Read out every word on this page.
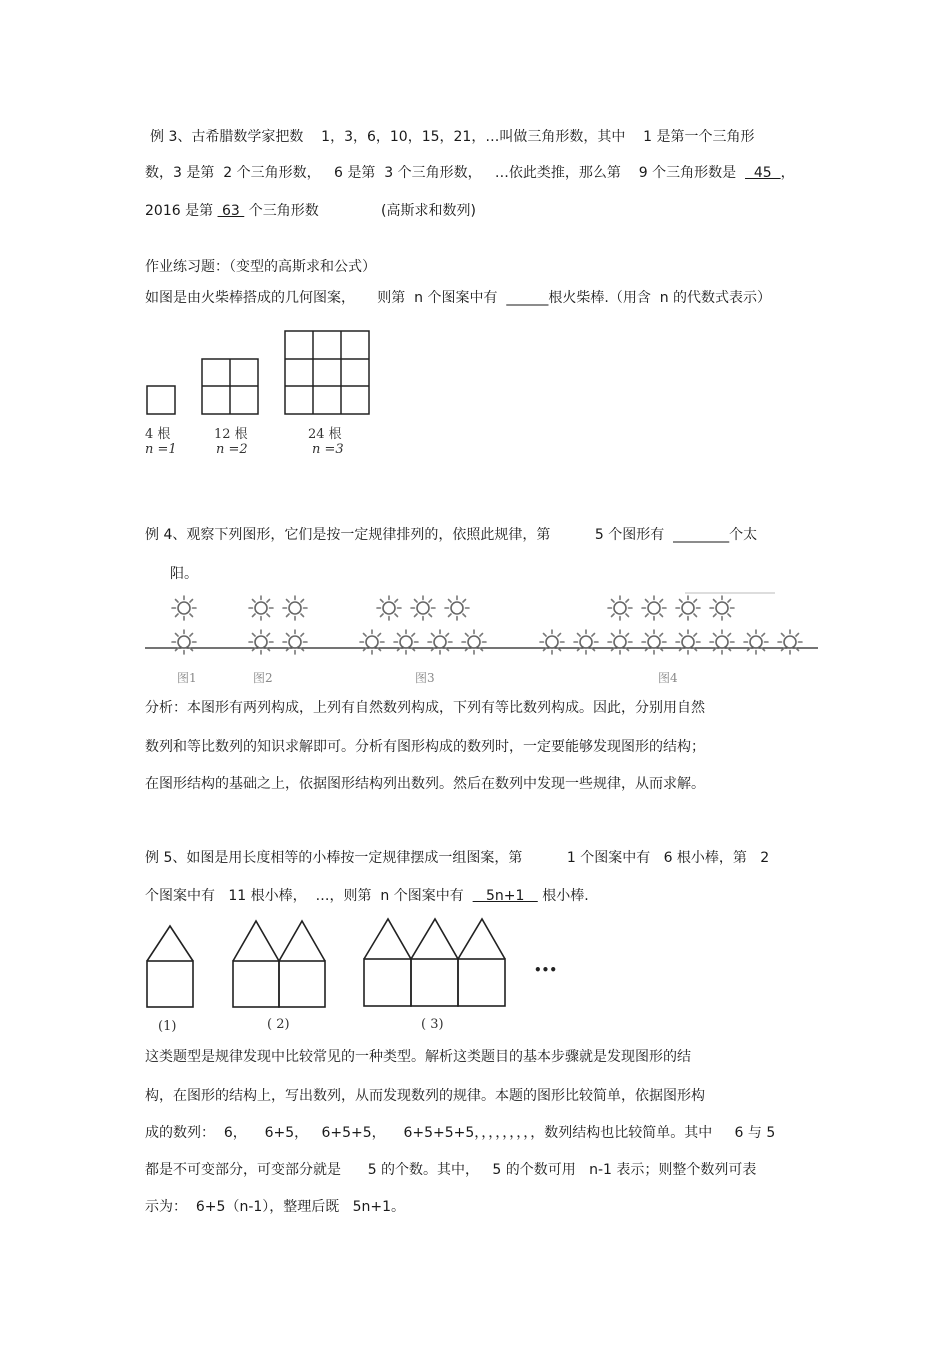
例 3、古希腊数学家把数    1，3，6，10，15，21，…叫做三角形数，其中    1 是第一个三角形
数，3 是第  2 个三角形数，   6 是第  3 个三角形数，   …依此类推，那么第    9 个三角形数是    45  ，
2016 是第  63  个三角形数              (高斯求和数列)
作业练习题：（变型的高斯求和公式）
如图是由火柴棒搭成的几何图案，     则第  n 个图案中有  ______根火柴棒.（用含  n 的代数式表示）
4 根
n =1
12 根
n =2
24 根
n =3
例 4、观察下列图形，它们是按一定规律排列的，依照此规律，第          5 个图形有  ________个太
阳。
图1	图2	图3	图4
分析：本图形有两列构成，上列有自然数列构成，下列有等比数列构成。因此，分别用自然
数列和等比数列的知识求解即可。分析有图形构成的数列时，一定要能够发现图形的结构；
在图形结构的基础之上，依据图形结构列出数列。然后在数列中发现一些规律，从而求解。
例 5、如图是用长度相等的小棒按一定规律摆成一组图案，第          1 个图案中有   6 根小棒，第   2
个图案中有   11 根小棒，  …，则第  n 个图案中有     5n+1    根小棒.
•••
(1)	( 2)	( 3)
这类题型是规律发现中比较常见的一种类型。解析这类题目的基本步骤就是发现图形的结
构，在图形的结构上，写出数列，从而发现数列的规律。本题的图形比较简单，依据图形构
成的数列：  6，    6+5，   6+5+5，    6+5+5+5，，，，，，，，，数列结构也比较简单。其中     6 与 5
都是不可变部分，可变部分就是      5 的个数。其中，   5 的个数可用   n-1 表示；则整个数列可表
示为：  6+5（n-1），整理后既   5n+1。
